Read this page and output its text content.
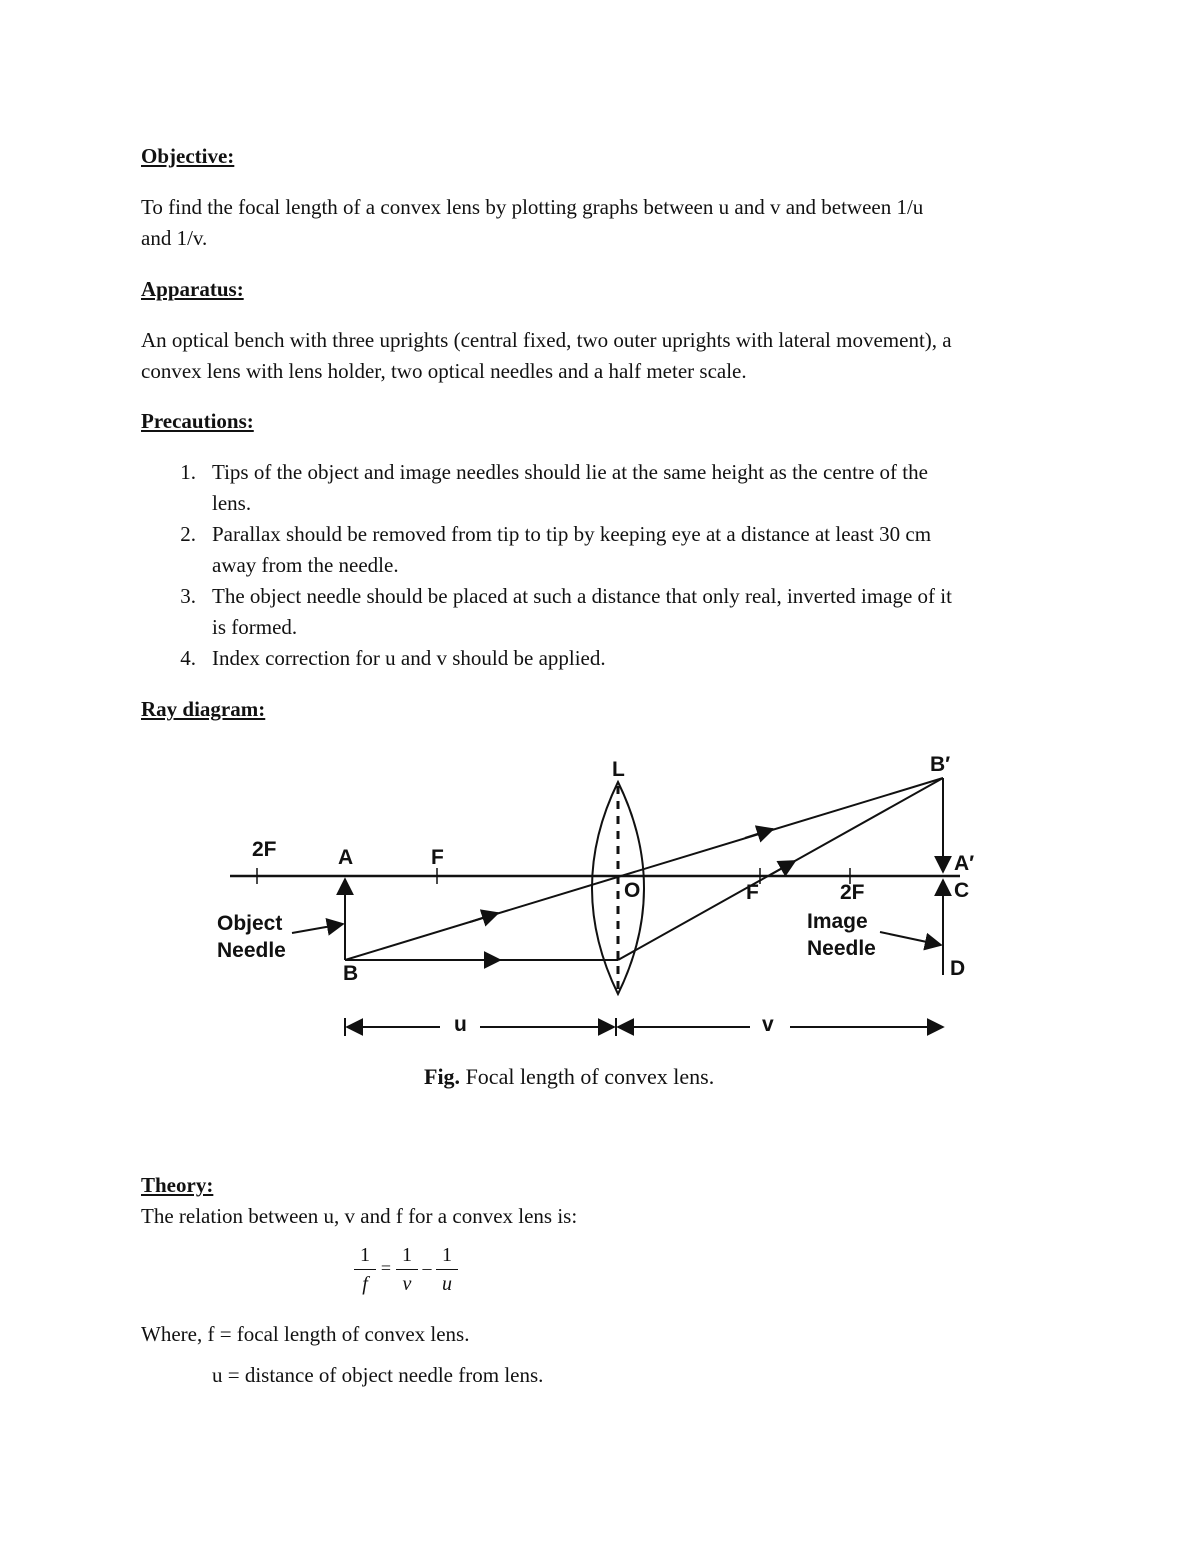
Objective:
To find the focal length of a convex lens by plotting graphs between u and v and between 1/u
and 1/v.
Apparatus:
An optical bench with three uprights (central fixed, two outer uprights with lateral movement), a
convex lens with lens holder, two optical needles and a half meter scale.
Precautions:
1. Tips of the object and image needles should lie at the same height as the centre of the
lens.
2. Parallax should be removed from tip to tip by keeping eye at a distance at least 30 cm
away from the needle.
3. The object needle should be placed at such a distance that only real, inverted image of it
is formed.
4. Index correction for u and v should be applied.
Ray diagram:
L	B′
2F	A	F	A′
O	F	2F	C
Object
Needle
Image
Needle
B	D
u	v
Fig. Focal length of convex lens.
Theory:
The relation between u, v and f for a convex lens is:
1
f
=
1
v
–
1
u
Where, f = focal length of convex lens.
u = distance of object needle from lens.
